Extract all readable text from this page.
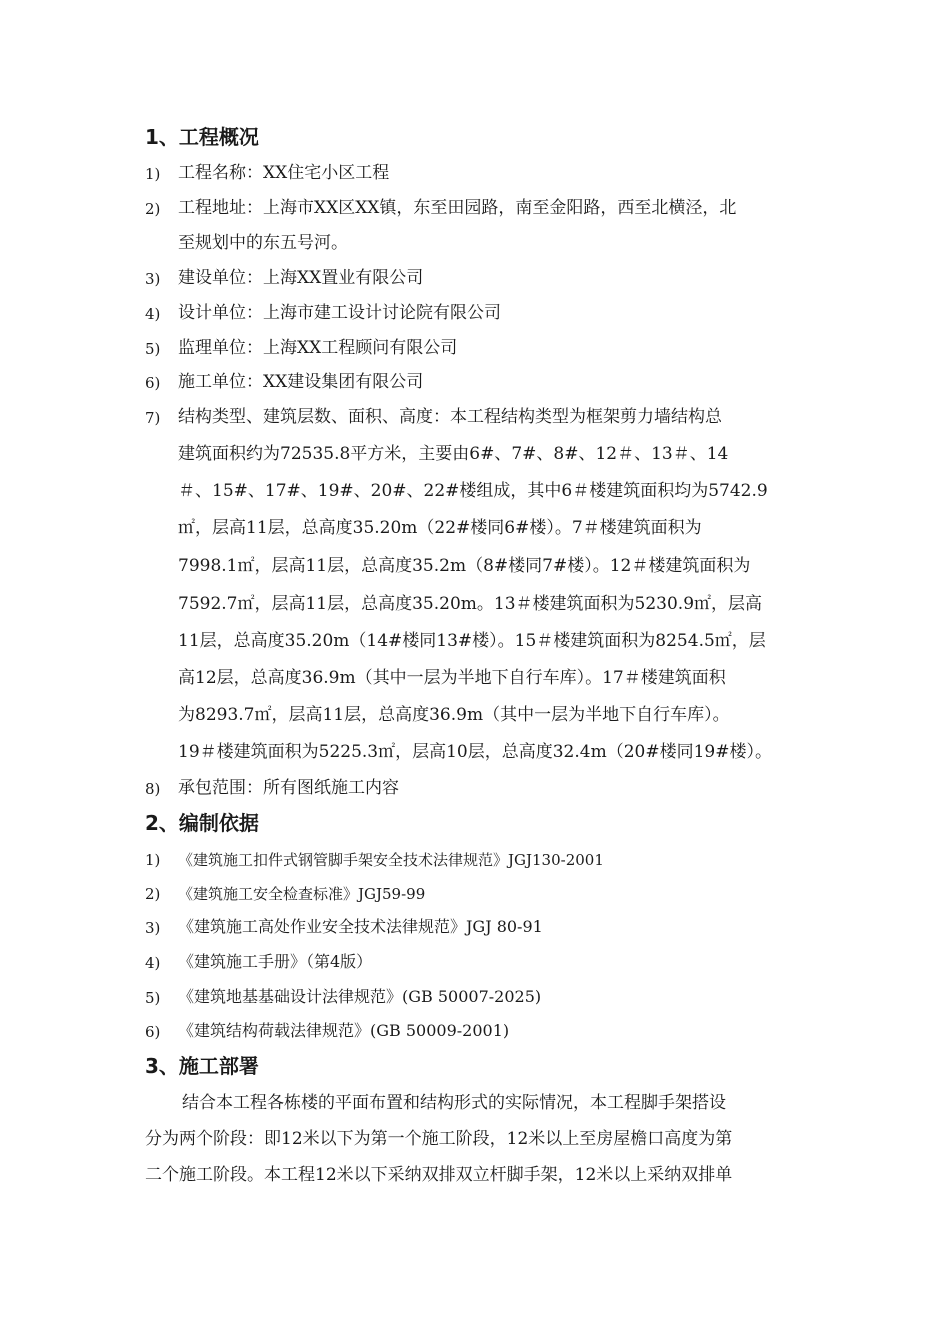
1、工程概况
1) 工程名称：XX住宅小区工程
2) 工程地址：上海市XX区XX镇，东至田园路，南至金阳路，西至北横泾，北
至规划中的东五号河。
3) 建设单位：上海XX置业有限公司
4) 设计单位：上海市建工设计讨论院有限公司
5) 监理单位：上海XX工程顾问有限公司
6) 施工单位：XX建设集团有限公司
7) 结构类型、建筑层数、面积、高度：本工程结构类型为框架剪力墙结构总
建筑面积约为72535.8平方米，主要由6#、7#、8#、12＃、13＃、14
＃、15#、17#、19#、20#、22#楼组成，其中6＃楼建筑面积均为5742.9
㎡，层高11层，总高度35.20m（22#楼同6#楼）。7＃楼建筑面积为
7998.1㎡，层高11层，总高度35.2m（8#楼同7#楼）。12＃楼建筑面积为
7592.7㎡，层高11层，总高度35.20m。13＃楼建筑面积为5230.9㎡，层高
11层，总高度35.20m（14#楼同13#楼）。15＃楼建筑面积为8254.5㎡，层
高12层，总高度36.9m（其中一层为半地下自行车库）。17＃楼建筑面积
为8293.7㎡，层高11层，总高度36.9m（其中一层为半地下自行车库）。
19＃楼建筑面积为5225.3㎡，层高10层，总高度32.4m（20#楼同19#楼）。
8) 承包范围：所有图纸施工内容
2、编制依据
1) 《建筑施工扣件式钢管脚手架安全技术法律规范》JGJ130-2001
2) 《建筑施工安全检查标准》JGJ59-99
3) 《建筑施工高处作业安全技术法律规范》JGJ 80-91
4) 《建筑施工手册》（第4版）
5) 《建筑地基基础设计法律规范》(GB 50007-2025)
6) 《建筑结构荷载法律规范》(GB 50009-2001)
3、施工部署
结合本工程各栋楼的平面布置和结构形式的实际情况，本工程脚手架搭设
分为两个阶段：即12米以下为第一个施工阶段，12米以上至房屋檐口高度为第
二个施工阶段。本工程12米以下采纳双排双立杆脚手架，12米以上采纳双排单
